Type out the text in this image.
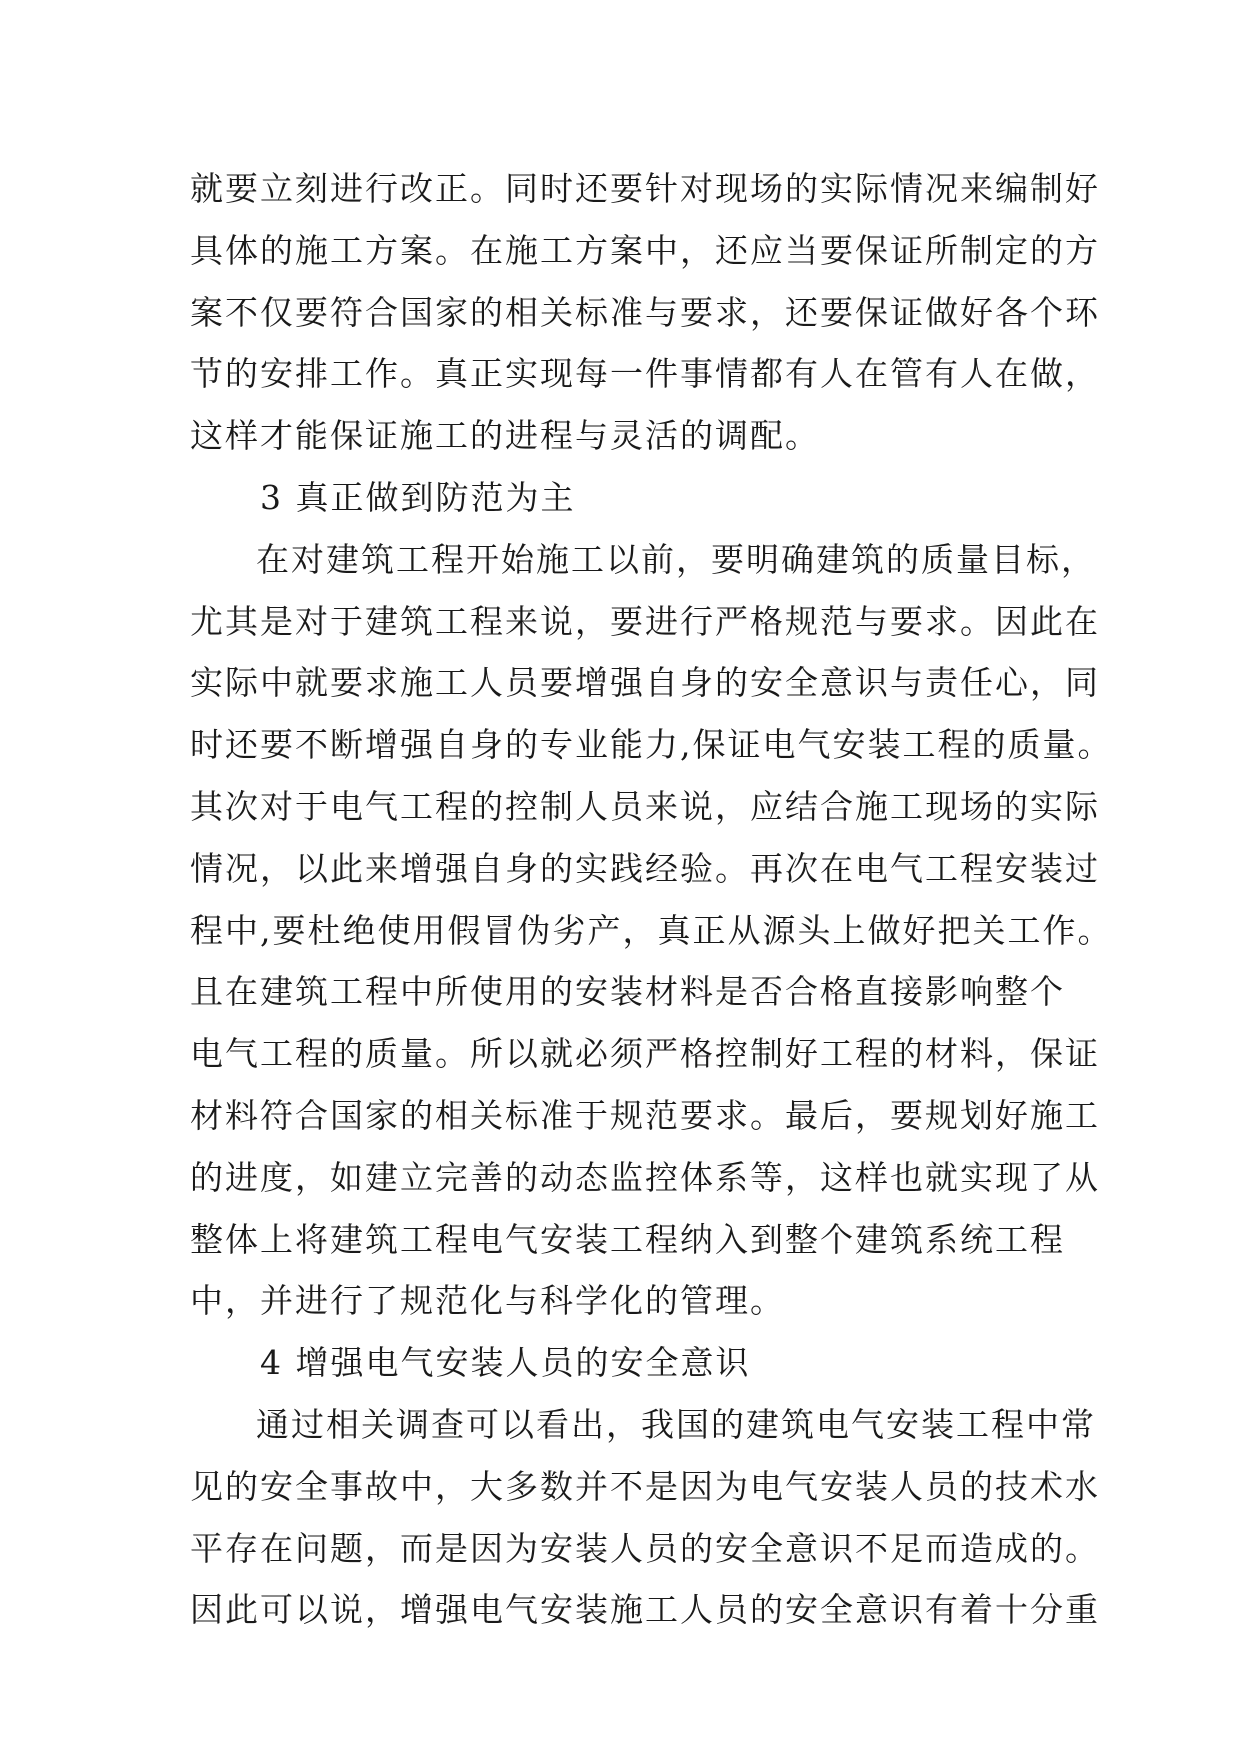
就要立刻进行改正。同时还要针对现场的实际情况来编制好
具体的施工方案。在施工方案中，还应当要保证所制定的方
案不仅要符合国家的相关标准与要求，还要保证做好各个环
节的安排工作。真正实现每一件事情都有人在管有人在做，
这样才能保证施工的进程与灵活的调配。
3 真正做到防范为主
在对建筑工程开始施工以前，要明确建筑的质量目标，
尤其是对于建筑工程来说，要进行严格规范与要求。因此在
实际中就要求施工人员要增强自身的安全意识与责任心，同
时还要不断增强自身的专业能力,保证电气安装工程的质量。
其次对于电气工程的控制人员来说，应结合施工现场的实际
情况，以此来增强自身的实践经验。再次在电气工程安装过
程中,要杜绝使用假冒伪劣产，真正从源头上做好把关工作。
且在建筑工程中所使用的安装材料是否合格直接影响整个
电气工程的质量。所以就必须严格控制好工程的材料，保证
材料符合国家的相关标准于规范要求。最后，要规划好施工
的进度，如建立完善的动态监控体系等，这样也就实现了从
整体上将建筑工程电气安装工程纳入到整个建筑系统工程
中，并进行了规范化与科学化的管理。
4 增强电气安装人员的安全意识
通过相关调查可以看出，我国的建筑电气安装工程中常
见的安全事故中，大多数并不是因为电气安装人员的技术水
平存在问题，而是因为安装人员的安全意识不足而造成的。
因此可以说，增强电气安装施工人员的安全意识有着十分重
